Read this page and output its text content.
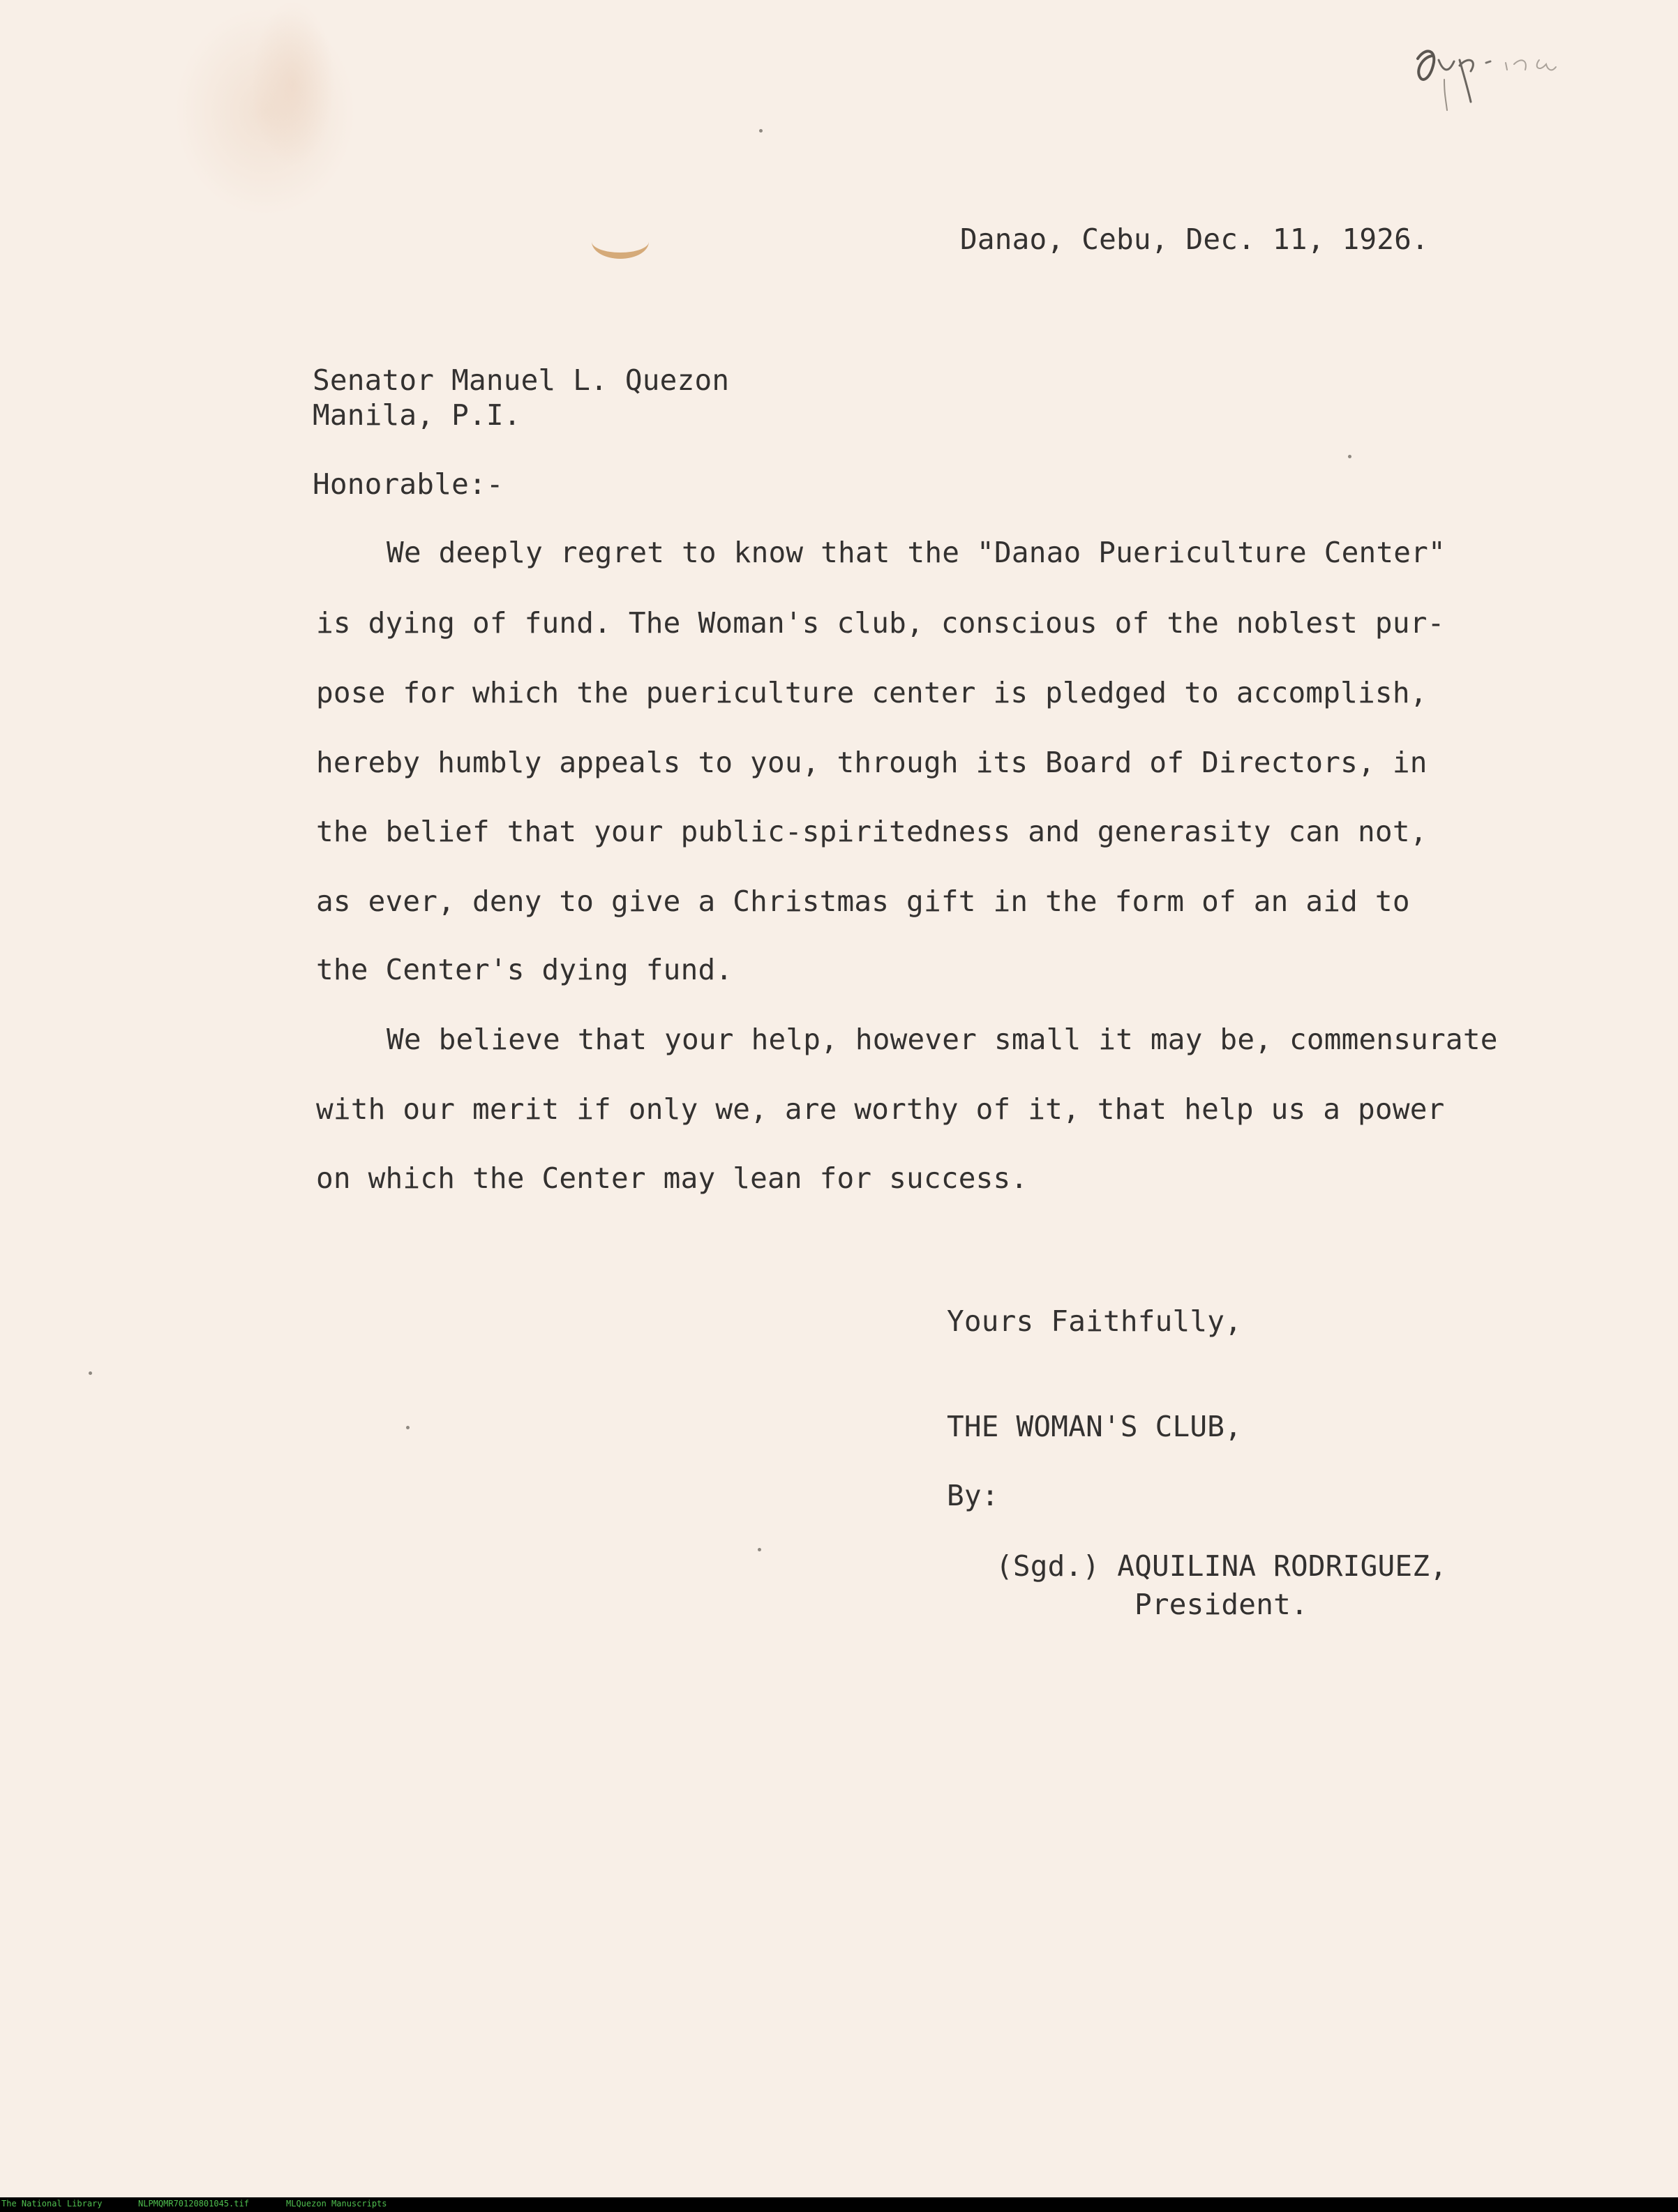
Danao, Cebu, Dec. 11, 1926.
Senator Manuel L. Quezon
Manila, P.I.
Honorable:-
We deeply regret to know that the "Danao Puericulture Center"
is dying of fund. The Woman's club, conscious of the noblest pur-
pose for which the puericulture center is pledged to accomplish,
hereby humbly appeals to you, through its Board of Directors, in
the belief that your public-spiritedness and generasity can not,
as ever, deny to give a Christmas gift in the form of an aid to
the Center's dying fund.
We believe that your help, however small it may be, commensurate
with our merit if only we, are worthy of it, that help us a power
on which the Center may lean for success.
Yours Faithfully,
THE WOMAN'S CLUB,
By:
(Sgd.) AQUILINA RODRIGUEZ,
President.
The National Library	NLPMQMR70120801045.tif	MLQuezon Manuscripts
